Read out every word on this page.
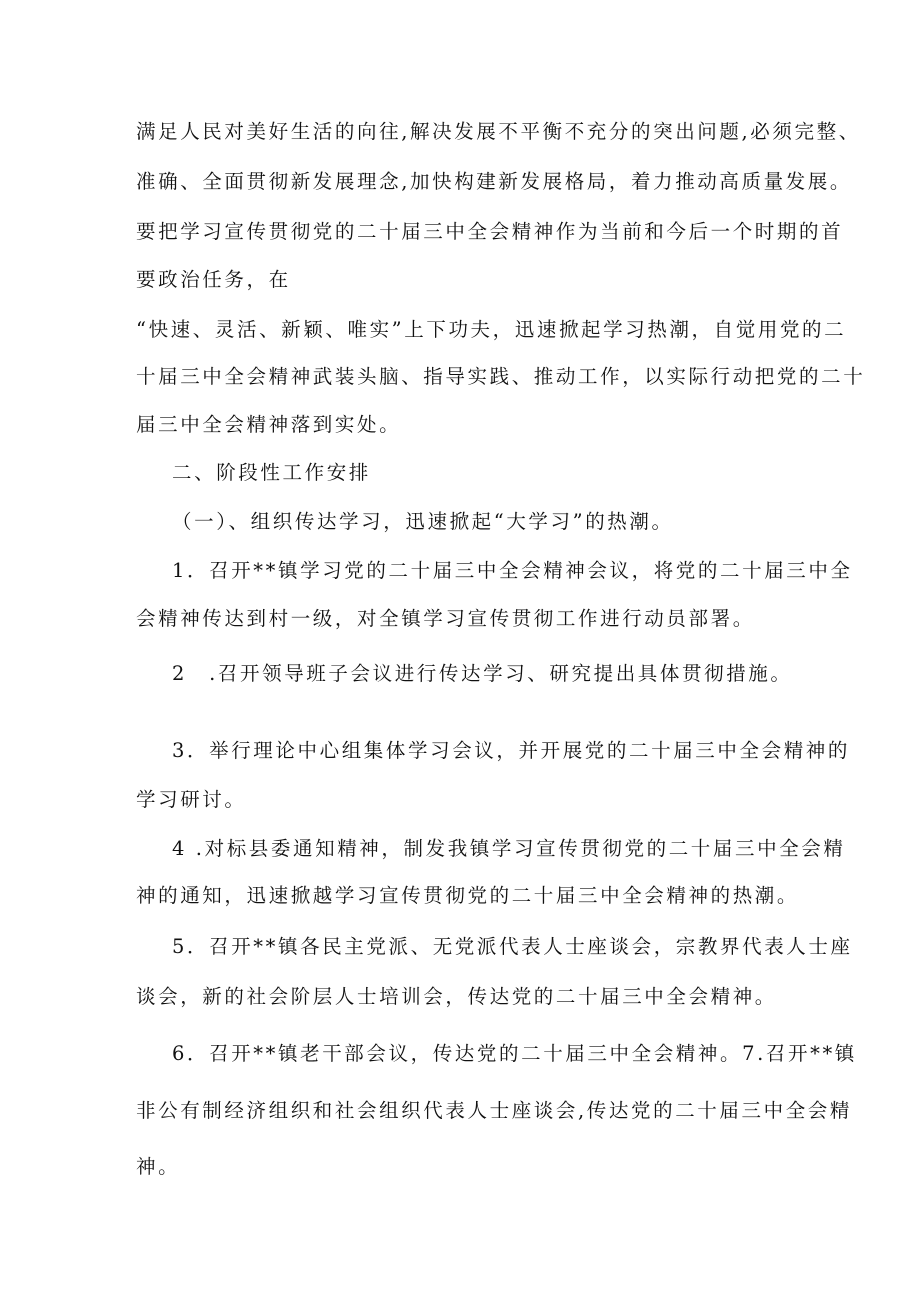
满足人民对美好生活的向往,解决发展不平衡不充分的突出问题,必须完整、
准确、全面贯彻新发展理念,加快构建新发展格局，着力推动高质量发展。
要把学习宣传贯彻党的二十届三中全会精神作为当前和今后一个时期的首
要政治任务，在
“快速、灵活、新颖、唯实”上下功夫，迅速掀起学习热潮，自觉用党的二
十届三中全会精神武装头脑、指导实践、推动工作，以实际行动把党的二十
届三中全会精神落到实处。
二、阶段性工作安排
（一）、组织传达学习，迅速掀起“大学习”的热潮。
1．召开**镇学习党的二十届三中全会精神会议，将党的二十届三中全
会精神传达到村一级，对全镇学习宣传贯彻工作进行动员部署。
2　.召开领导班子会议进行传达学习、研究提出具体贯彻措施。
3．举行理论中心组集体学习会议，并开展党的二十届三中全会精神的
学习研讨。
4 .对标县委通知精神，制发我镇学习宣传贯彻党的二十届三中全会精
神的通知，迅速掀越学习宣传贯彻党的二十届三中全会精神的热潮。
5．召开**镇各民主党派、无党派代表人士座谈会，宗教界代表人士座
谈会，新的社会阶层人士培训会，传达党的二十届三中全会精神。
6．召开**镇老干部会议，传达党的二十届三中全会精神。7.召开**镇
非公有制经济组织和社会组织代表人士座谈会,传达党的二十届三中全会精
神。
